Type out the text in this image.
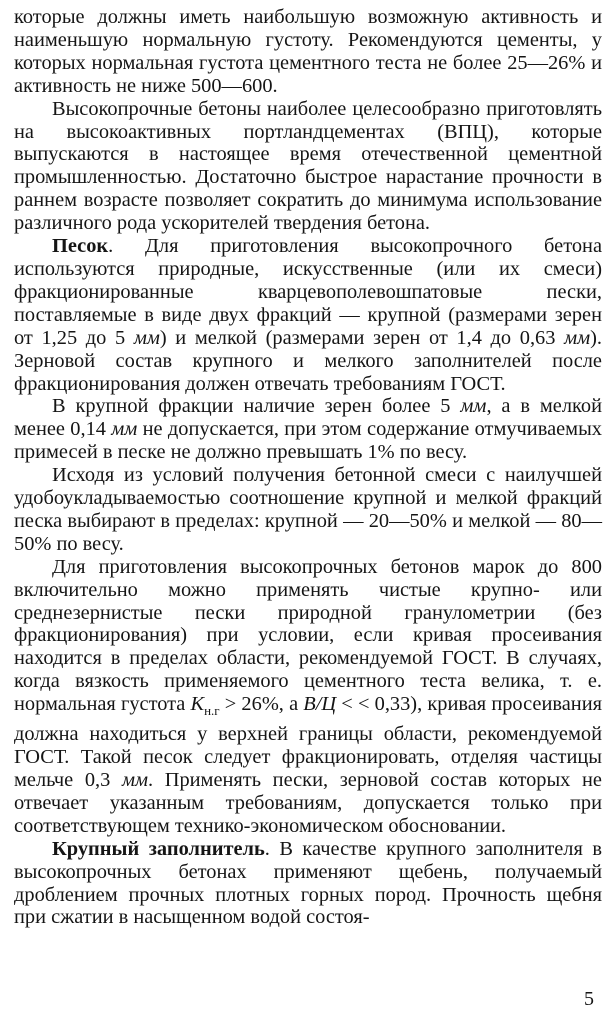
которые должны иметь наибольшую возможную активность и наименьшую нормальную густоту. Рекомендуются цементы, у которых нормальная густота цементного теста не более 25—26% и активность не ниже 500—600.

Высокопрочные бетоны наиболее целесообразно приготовлять на высокоактивных портландцементах (ВПЦ), которые выпускаются в настоящее время отечественной цементной промышленностью. Достаточно быстрое нарастание прочности в раннем возрасте позволяет сократить до минимума использование различного рода ускорителей твердения бетона.

Песок. Для приготовления высокопрочного бетона используются природные, искусственные (или их смеси) фракционированные кварцевополевошпатовые пески, поставляемые в виде двух фракций — крупной (размерами зерен от 1,25 до 5 мм) и мелкой (размерами зерен от 1,4 до 0,63 мм). Зерновой состав крупного и мелкого заполнителей после фракционирования должен отвечать требованиям ГОСТ.

В крупной фракции наличие зерен более 5 мм, а в мелкой менее 0,14 мм не допускается, при этом содержание отмучиваемых примесей в песке не должно превышать 1% по весу.

Исходя из условий получения бетонной смеси с наилучшей удобоукладываемостью соотношение крупной и мелкой фракций песка выбирают в пределах: крупной — 20—50% и мелкой — 80—50% по весу.

Для приготовления высокопрочных бетонов марок до 800 включительно можно применять чистые крупно- или среднезернистые пески природной гранулометрии (без фракционирования) при условии, если кривая просеивания находится в пределах области, рекомендуемой ГОСТ. В случаях, когда вязкость применяемого цементного теста велика, т. е. нормальная густота $К_{н.г} > 26\%$, а В/Ц < < 0,33), кривая просеивания должна находиться у верхней границы области, рекомендуемой ГОСТ. Такой песок следует фракционировать, отделяя частицы мельче 0,3 мм. Применять пески, зерновой состав которых не отвечает указанным требованиям, допускается только при соответствующем технико-экономическом обосновании.

Крупный заполнитель. В качестве крупного заполнителя в высокопрочных бетонах применяют щебень, получаемый дроблением прочных плотных горных пород. Прочность щебня при сжатии в насыщенном водой состоя-

5
